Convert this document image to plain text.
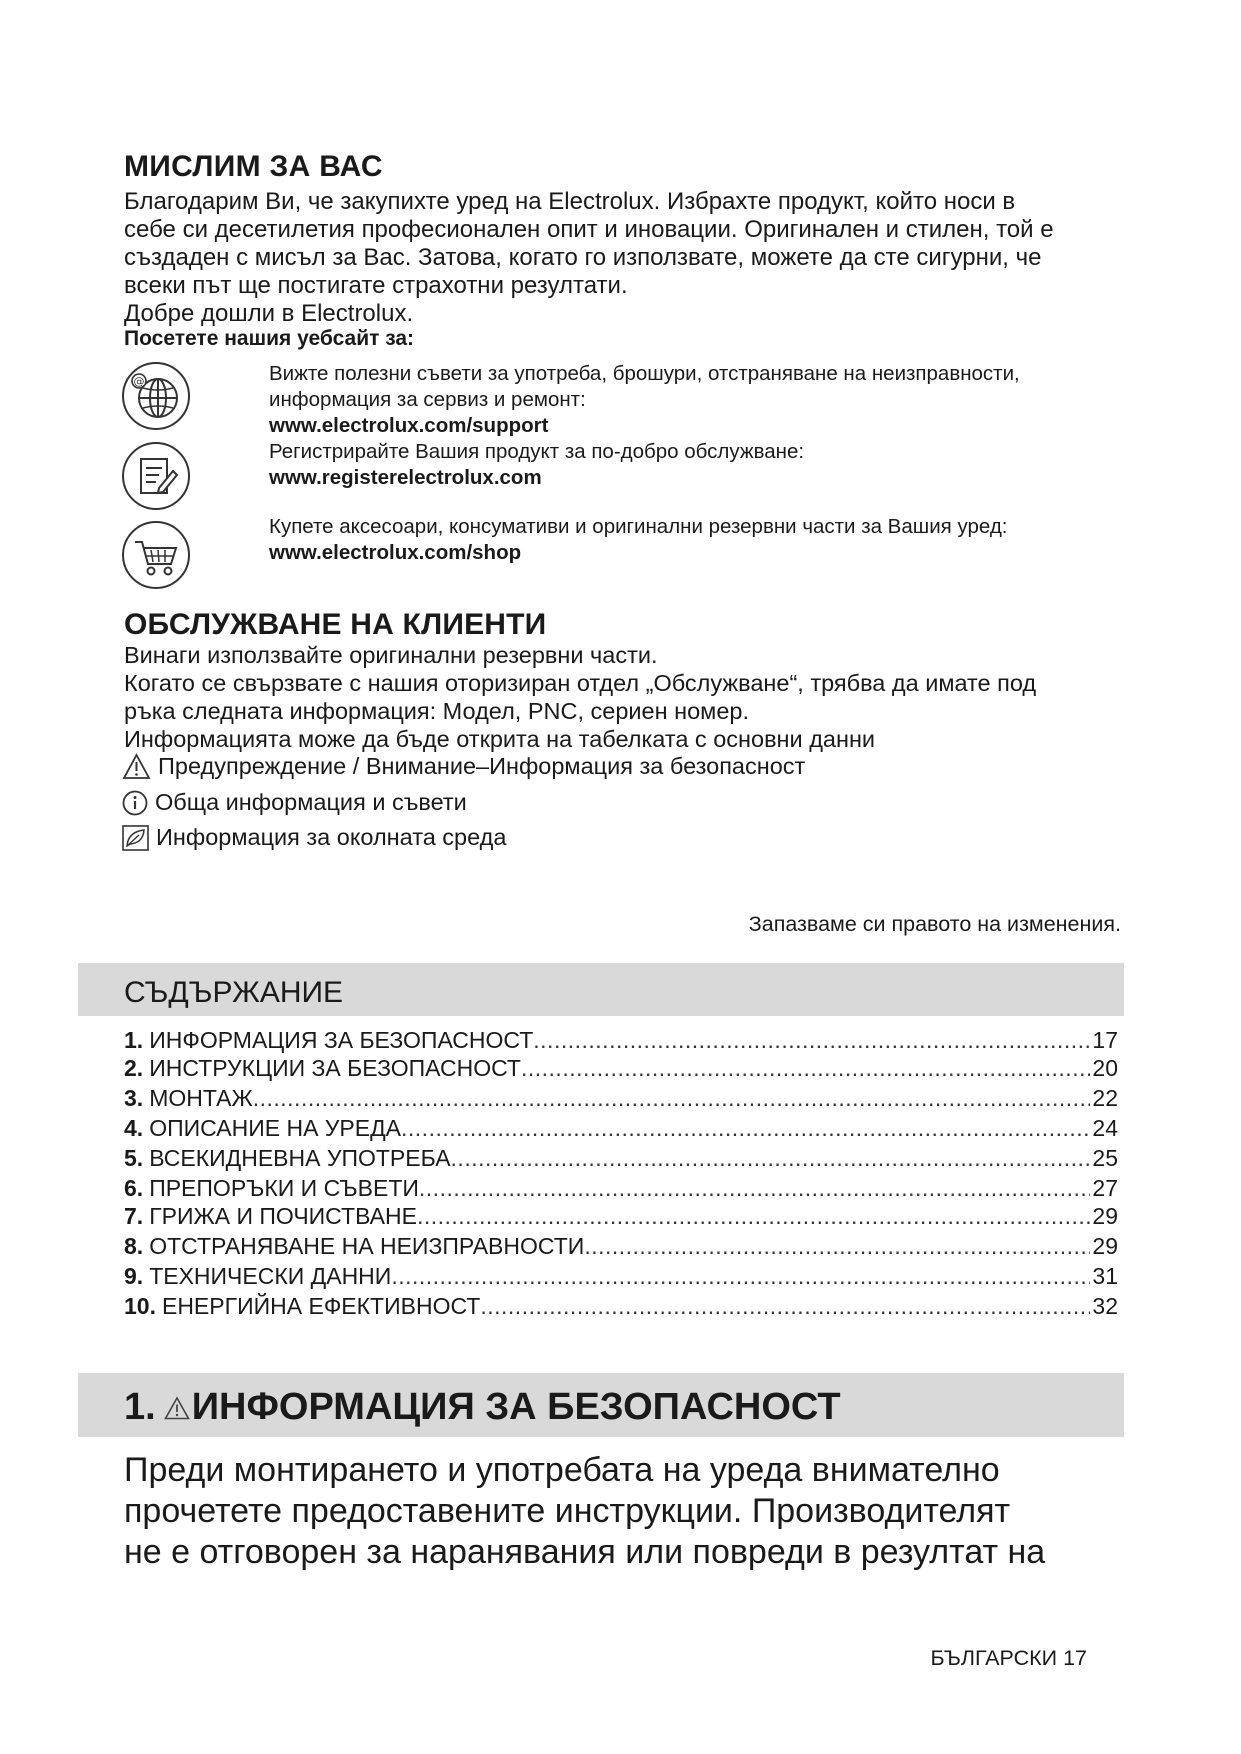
МИСЛИМ ЗА ВАС
Благодарим Ви, че закупихте уред на Electrolux. Избрахте продукт, който носи в
себе си десетилетия професионален опит и иновации. Оригинален и стилен, той е
създаден с мисъл за Вас. Затова, когато го използвате, можете да сте сигурни, че
всеки път ще постигате страхотни резултати.
Добре дошли в Electrolux.
Посетете нашия уебсайт за:
@	Вижте полезни съвети за употреба, брошури, отстраняване на неизправности,
информация за сервиз и ремонт:
www.electrolux.com/support
Регистрирайте Вашия продукт за по-добро обслужване:
www.registerelectrolux.com
Купете аксесоари, консумативи и оригинални резервни части за Вашия уред:
www.electrolux.com/shop
ОБСЛУЖВАНЕ НА КЛИЕНТИ
Винаги използвайте оригинални резервни части.
Когато се свързвате с нашия оторизиран отдел „Обслужване“, трябва да имате под
ръка следната информация: Модел, PNC, сериен номер.
Информацията може да бъде открита на табелката с основни данни
Предупреждение / Внимание–Информация за безопасност
Обща информация и съвети
Информация за околната среда
Запазваме си правото на изменения.
СЪДЪРЖАНИЕ
1. ИНФОРМАЦИЯ ЗА БЕЗОПАСНОСТ .....	17
2. ИНСТРУКЦИИ ЗА БЕЗОПАСНОСТ .....	20
3. МОНТАЖ .....	22
4. ОПИСАНИЕ НА УРЕДА .....	24
5. ВСЕКИДНЕВНА УПОТРЕБА .....	25
6. ПРЕПОРЪКИ И СЪВЕТИ .....	27
7. ГРИЖА И ПОЧИСТВАНЕ .....	29
8. ОТСТРАНЯВАНЕ НА НЕИЗПРАВНОСТИ .....	29
9. ТЕХНИЧЕСКИ ДАННИ .....	31
10. ЕНЕРГИЙНА ЕФЕКТИВНОСТ .....	32
1. ИНФОРМАЦИЯ ЗА БЕЗОПАСНОСТ
Преди монтирането и употребата на уреда внимателно
прочетете предоставените инструкции. Производителят
не е отговорен за наранявания или повреди в резултат на
БЪЛГАРСКИ 17
